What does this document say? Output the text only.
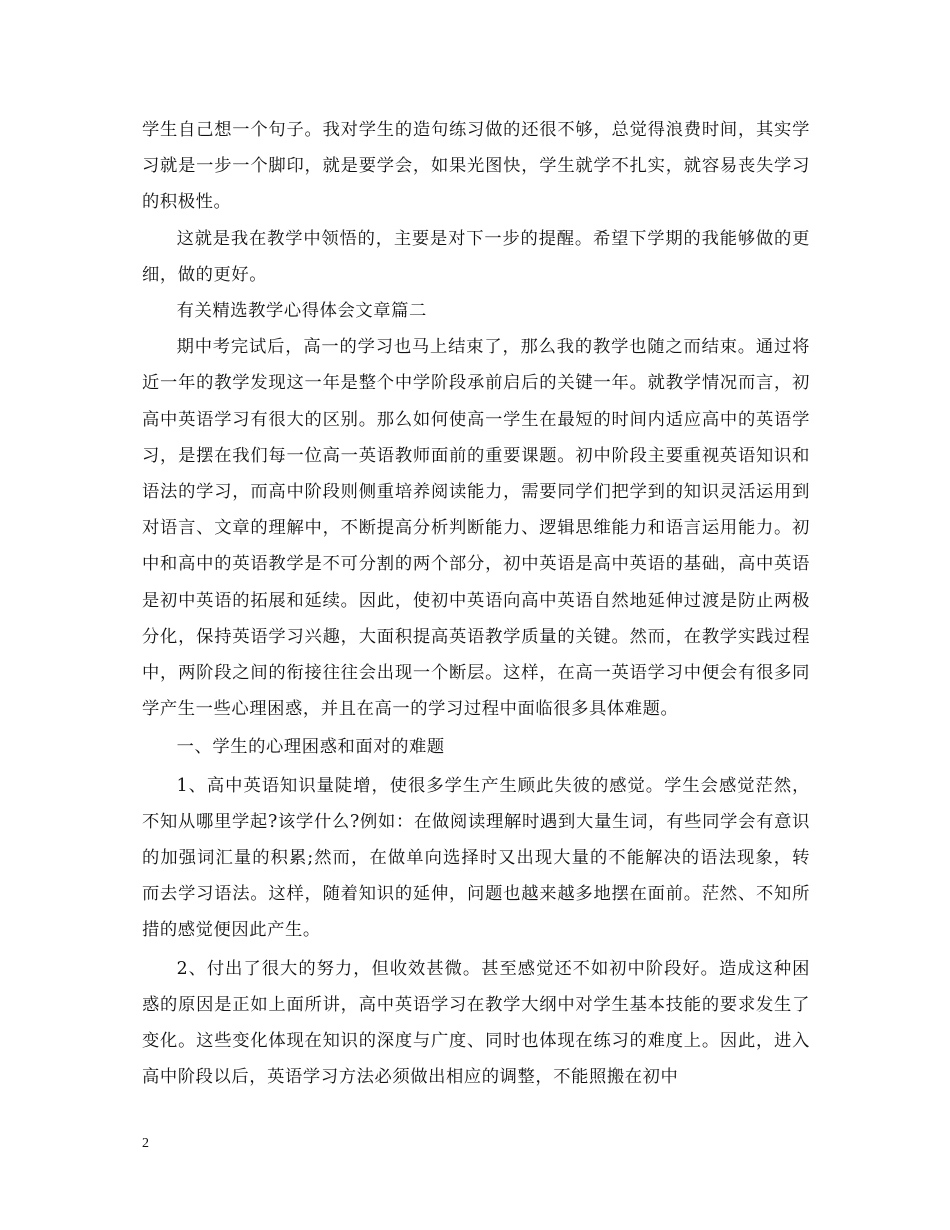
学生自己想一个句子。我对学生的造句练习做的还很不够，总觉得浪费时间，其实学习就是一步一个脚印，就是要学会，如果光图快，学生就学不扎实，就容易丧失学习的积极性。

这就是我在教学中领悟的，主要是对下一步的提醒。希望下学期的我能够做的更细，做的更好。

有关精选教学心得体会文章篇二

期中考完试后，高一的学习也马上结束了，那么我的教学也随之而结束。通过将近一年的教学发现这一年是整个中学阶段承前启后的关键一年。就教学情况而言，初高中英语学习有很大的区别。那么如何使高一学生在最短的时间内适应高中的英语学习，是摆在我们每一位高一英语教师面前的重要课题。初中阶段主要重视英语知识和语法的学习，而高中阶段则侧重培养阅读能力，需要同学们把学到的知识灵活运用到对语言、文章的理解中，不断提高分析判断能力、逻辑思维能力和语言运用能力。初中和高中的英语教学是不可分割的两个部分，初中英语是高中英语的基础，高中英语是初中英语的拓展和延续。因此，使初中英语向高中英语自然地延伸过渡是防止两极分化，保持英语学习兴趣，大面积提高英语教学质量的关键。然而，在教学实践过程中，两阶段之间的衔接往往会出现一个断层。这样，在高一英语学习中便会有很多同学产生一些心理困惑，并且在高一的学习过程中面临很多具体难题。

一、学生的心理困惑和面对的难题

1、高中英语知识量陡增，使很多学生产生顾此失彼的感觉。学生会感觉茫然，不知从哪里学起?该学什么?例如：在做阅读理解时遇到大量生词，有些同学会有意识的加强词汇量的积累;然而，在做单向选择时又出现大量的不能解决的语法现象，转而去学习语法。这样，随着知识的延伸，问题也越来越多地摆在面前。茫然、不知所措的感觉便因此产生。

2、付出了很大的努力，但收效甚微。甚至感觉还不如初中阶段好。造成这种困惑的原因是正如上面所讲，高中英语学习在教学大纲中对学生基本技能的要求发生了变化。这些变化体现在知识的深度与广度、同时也体现在练习的难度上。因此，进入高中阶段以后，英语学习方法必须做出相应的调整，不能照搬在初中

2
